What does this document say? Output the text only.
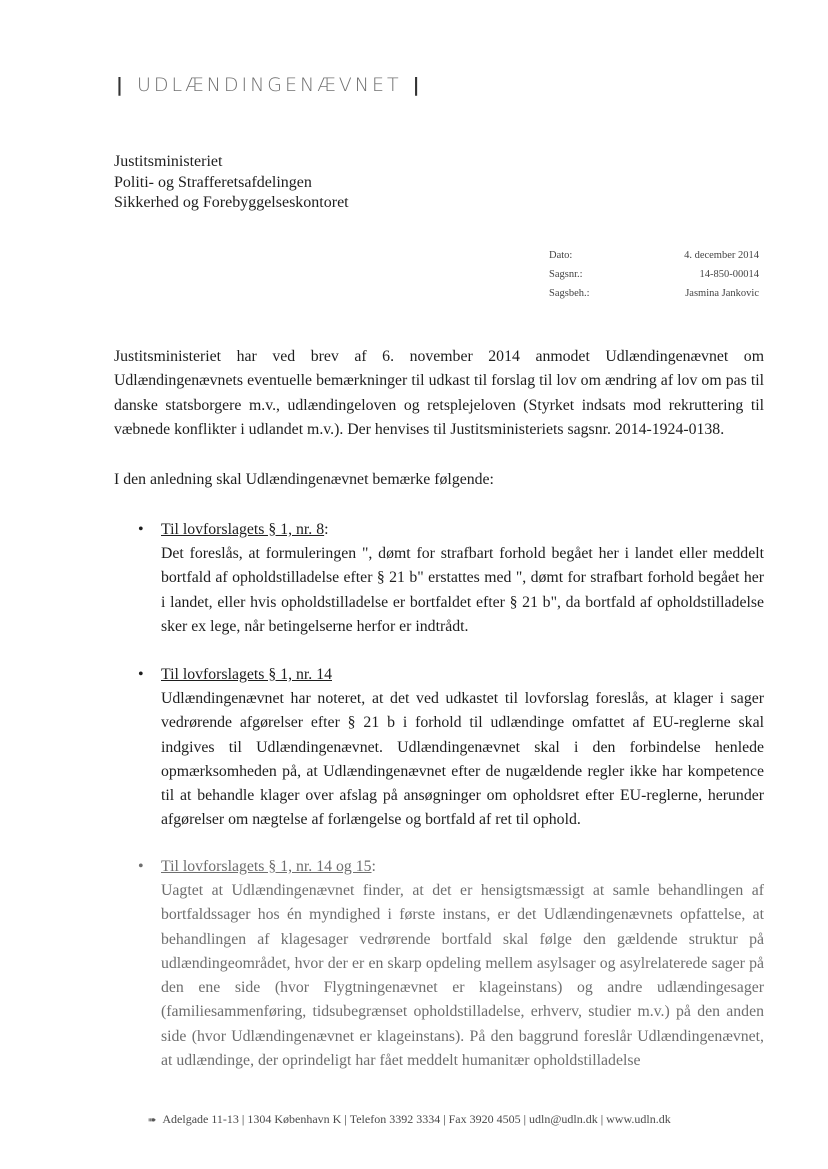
| UDLÆNDINGENÆVNET |
Justitsministeriet
Politi- og Strafferetsafdelingen
Sikkerhed og Forebyggelseskontoret
Dato:	4. december 2014
Sagsnr.:	14-850-00014
Sagsbeh.:	Jasmina Jankovic
Justitsministeriet har ved brev af 6. november 2014 anmodet Udlændingenævnet om Udlændingenævnets eventuelle bemærkninger til udkast til forslag til lov om ændring af lov om pas til danske statsborgere m.v., udlændingeloven og retsplejeloven (Styrket indsats mod rekruttering til væbnede konflikter i udlandet m.v.). Der henvises til Justitsministeriets sagsnr. 2014-1924-0138.
I den anledning skal Udlændingenævnet bemærke følgende:
• Til lovforslagets § 1, nr. 8:
Det foreslås, at formuleringen ", dømt for strafbart forhold begået her i landet eller meddelt bortfald af opholdstilladelse efter § 21 b" erstattes med ", dømt for strafbart forhold begået her i landet, eller hvis opholdstilladelse er bortfaldet efter § 21 b", da bortfald af opholdstilladelse sker ex lege, når betingelserne herfor er indtrådt.
• Til lovforslagets § 1, nr. 14
Udlændingenævnet har noteret, at det ved udkastet til lovforslag foreslås, at klager i sager vedrørende afgørelser efter § 21 b i forhold til udlændinge omfattet af EU-reglerne skal indgives til Udlændingenævnet. Udlændingenævnet skal i den forbindelse henlede opmærksomheden på, at Udlændingenævnet efter de nugældende regler ikke har kompetence til at behandle klager over afslag på ansøgninger om opholdsret efter EU-reglerne, herunder afgørelser om nægtelse af forlængelse og bortfald af ret til ophold.
• Til lovforslagets § 1, nr. 14 og 15:
Uagtet at Udlændingenævnet finder, at det er hensigtsmæssigt at samle behandlingen af bortfaldssager hos én myndighed i første instans, er det Udlændingenævnets opfattelse, at behandlingen af klagesager vedrørende bortfald skal følge den gældende struktur på udlændingeområdet, hvor der er en skarp opdeling mellem asylsager og asylrelaterede sager på den ene side (hvor Flygtningenævnet er klageinstans) og andre udlændingesager (familiesammenføring, tidsubegrænset opholdstilladelse, erhverv, studier m.v.) på den anden side (hvor Udlændingenævnet er klageinstans). På den baggrund foreslår Udlændingenævnet, at udlændinge, der oprindeligt har fået meddelt humanitær opholdstilladelse
➠ Adelgade 11-13 | 1304 København K | Telefon 3392 3334 | Fax 3920 4505 | udln@udln.dk | www.udln.dk
